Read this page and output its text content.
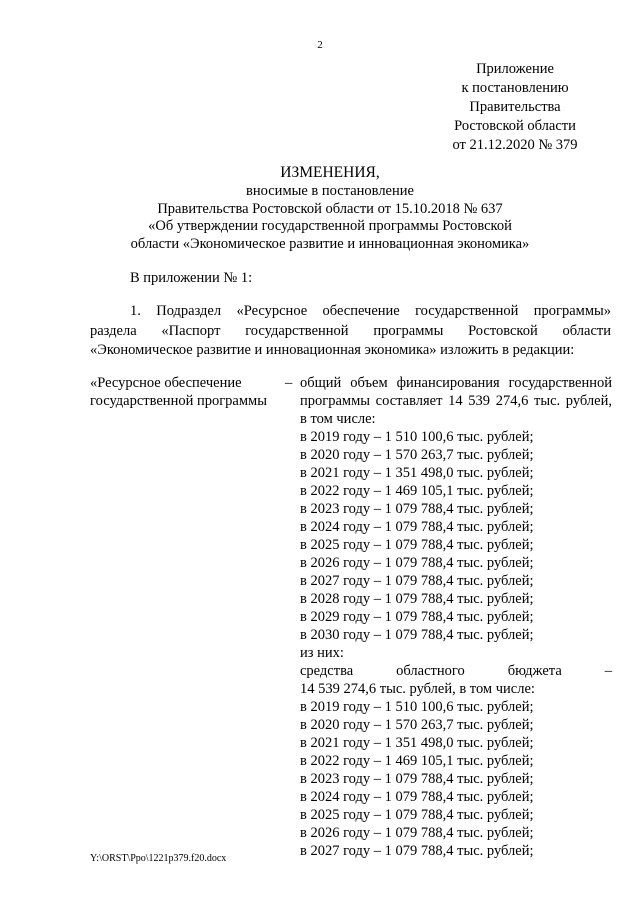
2
Приложение
к постановлению
Правительства
Ростовской области
от 21.12.2020 № 379
ИЗМЕНЕНИЯ,
вносимые в постановление
Правительства Ростовской области от 15.10.2018 № 637
«Об утверждении государственной программы Ростовской
области «Экономическое развитие и инновационная экономика»
В приложении № 1:
1. Подраздел «Ресурсное обеспечение государственной программы»
раздела «Паспорт государственной программы Ростовской области
«Экономическое развитие и инновационная экономика» изложить в редакции:
«Ресурсное обеспечение
государственной программы
– общий объем финансирования государственной
программы составляет 14 539 274,6 тыс. рублей,
в том числе:
в 2019 году – 1 510 100,6 тыс. рублей;
в 2020 году – 1 570 263,7 тыс. рублей;
в 2021 году – 1 351 498,0 тыс. рублей;
в 2022 году – 1 469 105,1 тыс. рублей;
в 2023 году – 1 079 788,4 тыс. рублей;
в 2024 году – 1 079 788,4 тыс. рублей;
в 2025 году – 1 079 788,4 тыс. рублей;
в 2026 году – 1 079 788,4 тыс. рублей;
в 2027 году – 1 079 788,4 тыс. рублей;
в 2028 году – 1 079 788,4 тыс. рублей;
в 2029 году – 1 079 788,4 тыс. рублей;
в 2030 году – 1 079 788,4 тыс. рублей;
из них:
средства областного бюджета –
14 539 274,6 тыс. рублей, в том числе:
в 2019 году – 1 510 100,6 тыс. рублей;
в 2020 году – 1 570 263,7 тыс. рублей;
в 2021 году – 1 351 498,0 тыс. рублей;
в 2022 году – 1 469 105,1 тыс. рублей;
в 2023 году – 1 079 788,4 тыс. рублей;
в 2024 году – 1 079 788,4 тыс. рублей;
в 2025 году – 1 079 788,4 тыс. рублей;
в 2026 году – 1 079 788,4 тыс. рублей;
в 2027 году – 1 079 788,4 тыс. рублей;
Y:\ORST\Ppo\1221p379.f20.docx
